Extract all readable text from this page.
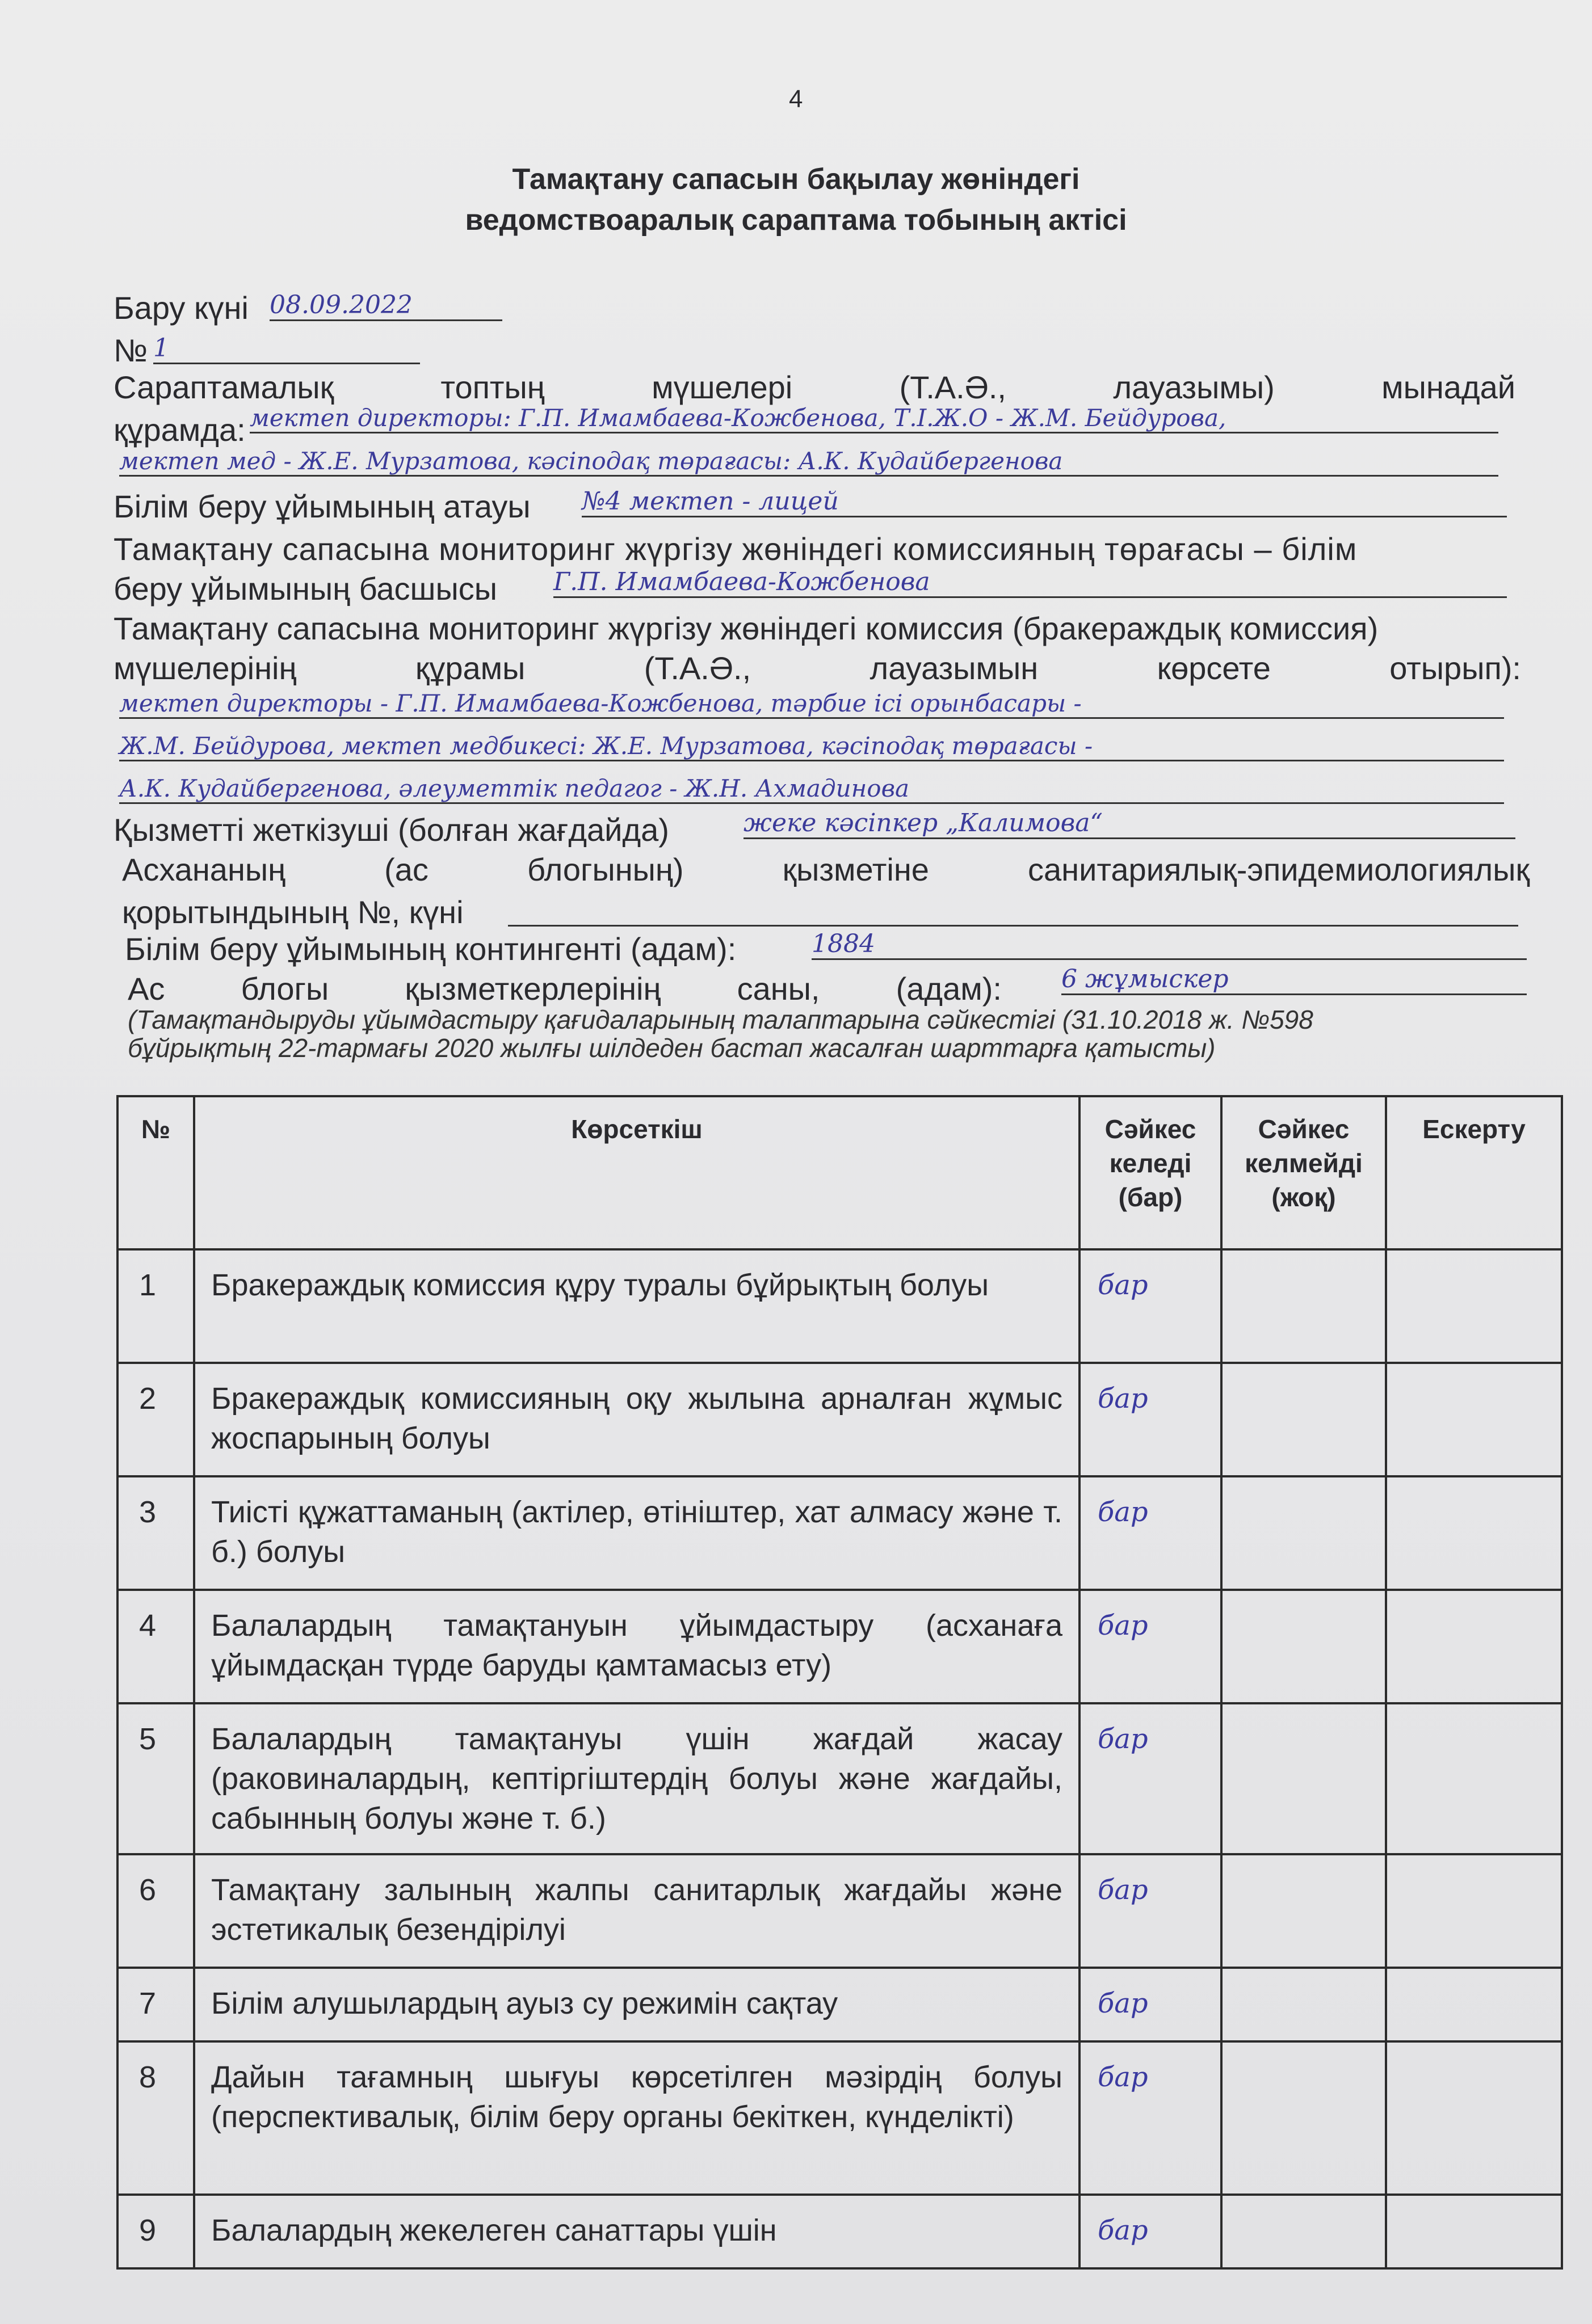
4
Тамақтану сапасын бақылау жөніндегі
ведомствоаралық сараптама тобының актісі
Бару күні 08.09.2022
№ 1
Сараптамалық	топтың	мүшелері	(Т.А.Ә.,	лауазымы)	мынадай
құрамда: мектеп директоры: Г.П. Имамбаева-Кожбенова, Т.І.Ж.О - Ж.М. Бейдурова,
мектеп мед - Ж.Е. Мурзатова, кәсіподақ төрағасы: А.К. Кудайбергенова
Білім беру ұйымының атауы №4 мектеп - лицей
Тамақтану сапасына мониторинг жүргізу жөніндегі комиссияның төрағасы – білім
беру ұйымының басшысы Г.П. Имамбаева-Кожбенова
Тамақтану сапасына мониторинг жүргізу жөніндегі комиссия (бракераждық комиссия)
мүшелерінің	құрамы	(Т.А.Ә.,	лауазымын	көрсете	отырып):
мектеп директоры - Г.П. Имамбаева-Кожбенова, тәрбие ісі орынбасары -
Ж.М. Бейдурова, мектеп медбикесі: Ж.Е. Мурзатова, кәсіподақ төрағасы -
А.К. Кудайбергенова, әлеуметтік педагог - Ж.Н. Ахмадинова
Қызметті жеткізуші (болған жағдайда)	жеке кәсіпкер „Калимова“
Асхананың	(ас	блогының)	қызметіне	санитариялық-эпидемиологиялық
қорытындының №, күні
Білім беру ұйымының контингенті (адам):	1884
Ас блогы қызметкерлерінің саны, (адам): 6 жұмыскер
(Тамақтандыруды ұйымдастыру қағидаларының талаптарына сәйкестігі (31.10.2018 ж. №598
бұйрықтың 22-тармағы 2020 жылғы шілдеден бастап жасалған шарттарға қатысты)
№	Көрсеткіш	Сәйкес келеді (бар)	Сәйкес келмейді (жоқ)	Ескерту
1	Бракераждық комиссия құру туралы бұйрықтың болуы	бар		
2	Бракераждық комиссияның оқу жылына арналған жұмыс жоспарының болуы	бар		
3	Тиісті құжаттаманың (актілер, өтініштер, хат алмасу және т. б.) болуы	бар		
4	Балалардың тамақтануын ұйымдастыру (асханаға ұйымдасқан түрде баруды қамтамасыз ету)	бар		
5	Балалардың тамақтануы үшін жағдай жасау (раковиналардың, кептіргіштердің болуы және жағдайы, сабынның болуы және т. б.)	бар		
6	Тамақтану залының жалпы санитарлық жағдайы және эстетикалық безендірілуі	бар		
7	Білім алушылардың ауыз су режимін сақтау	бар		
8	Дайын тағамның шығуы көрсетілген мәзірдің болуы (перспективалық, білім беру органы бекіткен, күнделікті)	бар		
9	Балалардың жекелеген санаттары үшін	бар		
